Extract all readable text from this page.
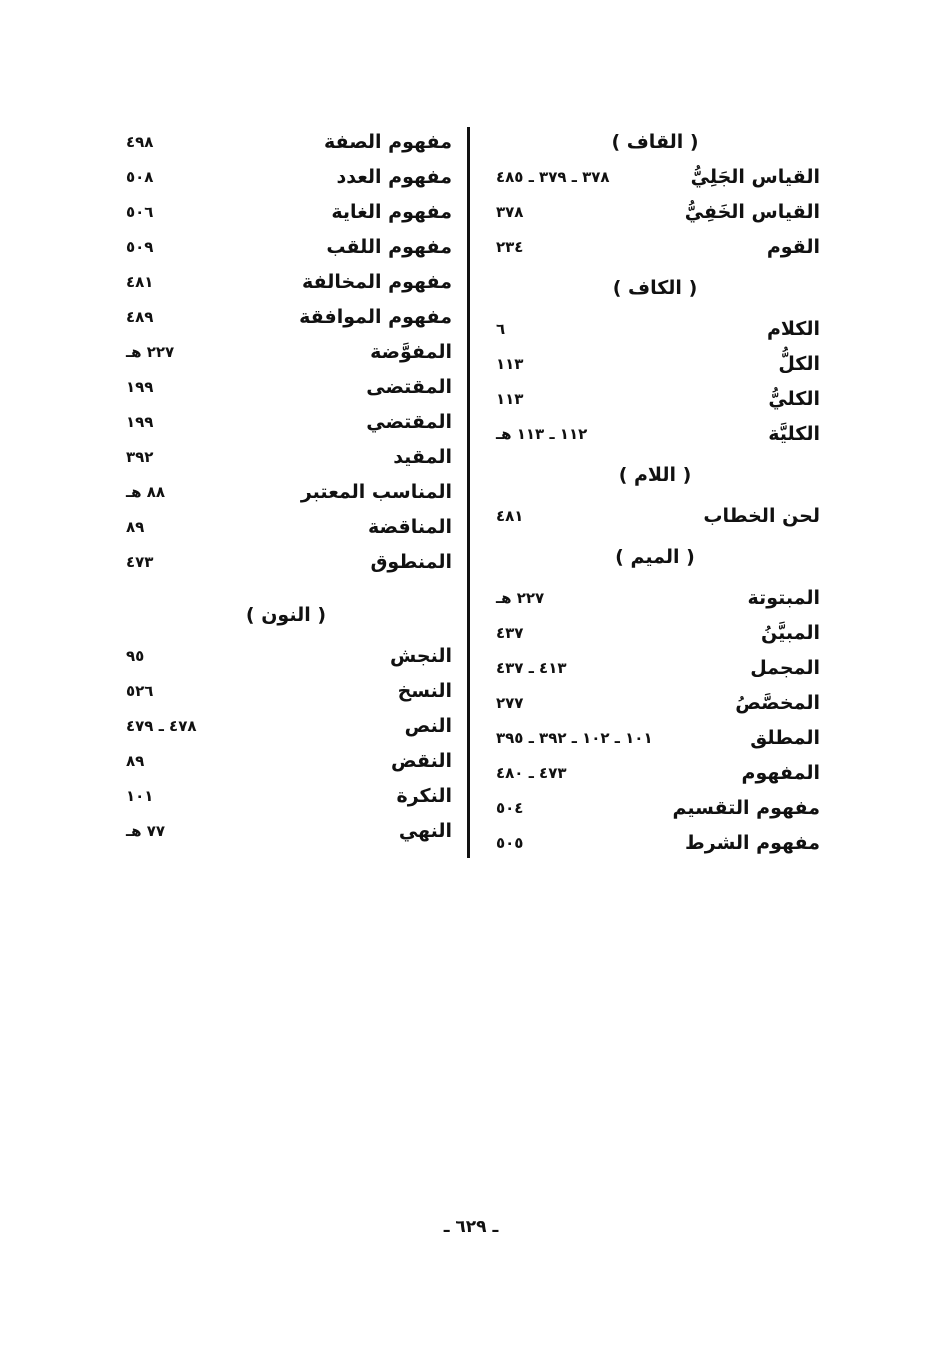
( القاف )
القياس الجَلِيُّ
٣٧٨ ـ ٣٧٩ ـ ٤٨٥
القياس الخَفِيُّ
٣٧٨
القوم
٢٣٤
( الكاف )
الكلام
٦
الكلُّ
١١٣
الكليُّ
١١٣
الكليَّة
١١٢ ـ ١١٣ هـ
( اللام )
لحن الخطاب
٤٨١
( الميم )
المبتوتة
٢٢٧ هـ
المبيَّنُ
٤٣٧
المجمل
٤١٣ ـ ٤٣٧
المخصَّصُ
٢٧٧
المطلق
١٠١ ـ ١٠٢ ـ ٣٩٢ ـ ٣٩٥
المفهوم
٤٧٣ ـ ٤٨٠
مفهوم التقسيم
٥٠٤
مفهوم الشرط
٥٠٥
مفهوم الصفة
٤٩٨
مفهوم العدد
٥٠٨
مفهوم الغاية
٥٠٦
مفهوم اللقب
٥٠٩
مفهوم المخالفة
٤٨١
مفهوم الموافقة
٤٨٩
المفوَّضة
٢٢٧ هـ
المقتضى
١٩٩
المقتضي
١٩٩
المقيد
٣٩٢
المناسب المعتبر
٨٨ هـ
المناقضة
٨٩
المنطوق
٤٧٣
( النون )
النجش
٩٥
النسخ
٥٢٦
النص
٤٧٨ ـ ٤٧٩
النقض
٨٩
النكرة
١٠١
النهي
٧٧ هـ
ـ ٦٢٩ ـ
